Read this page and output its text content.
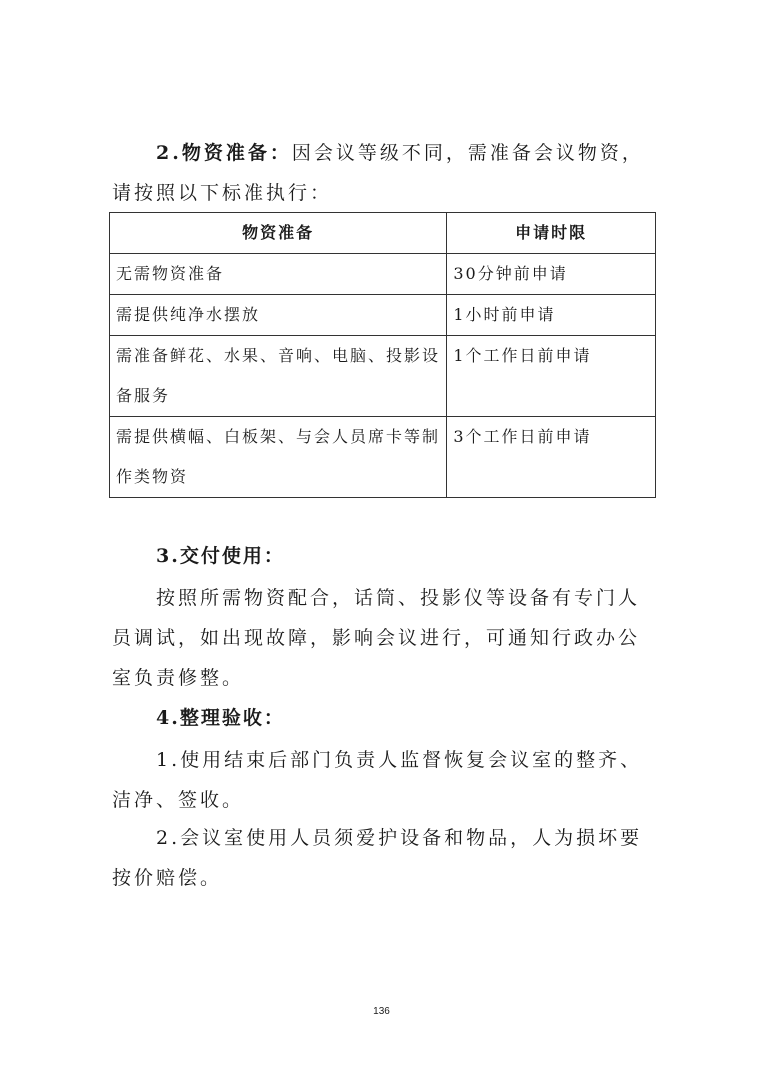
2.物资准备：因会议等级不同，需准备会议物资，请按照以下标准执行：

物资准备	申请时限
无需物资准备	30分钟前申请
需提供纯净水摆放	1小时前申请
需准备鲜花、水果、音响、电脑、投影设备服务	1个工作日前申请
需提供横幅、白板架、与会人员席卡等制作类物资	3个工作日前申请

3.交付使用：

按照所需物资配合，话筒、投影仪等设备有专门人员调试，如出现故障，影响会议进行，可通知行政办公室负责修整。

4.整理验收：

1.使用结束后部门负责人监督恢复会议室的整齐、洁净、签收。

2.会议室使用人员须爱护设备和物品，人为损坏要按价赔偿。

136
